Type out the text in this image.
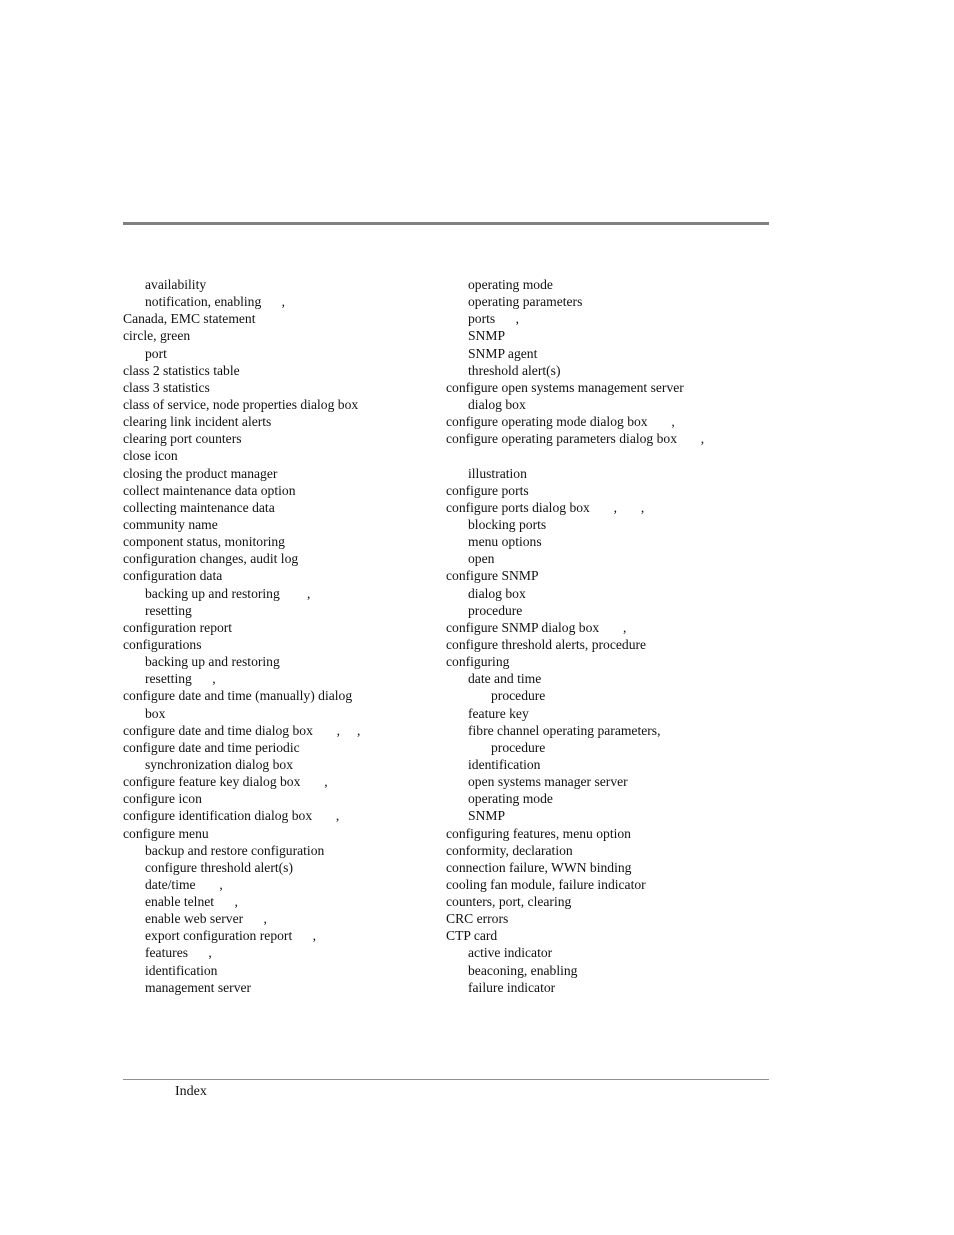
availability
notification, enabling      ,
Canada, EMC statement
circle, green
port
class 2 statistics table
class 3 statistics
class of service, node properties dialog box
clearing link incident alerts
clearing port counters
close icon
closing the product manager
collect maintenance data option
collecting maintenance data
community name
component status, monitoring
configuration changes, audit log
configuration data
backing up and restoring        ,
resetting
configuration report
configurations
backing up and restoring
resetting      ,
configure date and time (manually) dialog
box
configure date and time dialog box       ,     ,
configure date and time periodic
synchronization dialog box
configure feature key dialog box       ,
configure icon
configure identification dialog box       ,
configure menu
backup and restore configuration
configure threshold alert(s)
date/time       ,
enable telnet      ,
enable web server      ,
export configuration report      ,
features      ,
identification
management server
operating mode
operating parameters
ports      ,
SNMP
SNMP agent
threshold alert(s)
configure open systems management server
dialog box
configure operating mode dialog box       ,
configure operating parameters dialog box       ,
illustration
configure ports
configure ports dialog box       ,       ,
blocking ports
menu options
open
configure SNMP
dialog box
procedure
configure SNMP dialog box       ,
configure threshold alerts, procedure
configuring
date and time
procedure
feature key
fibre channel operating parameters,
procedure
identification
open systems manager server
operating mode
SNMP
configuring features, menu option
conformity, declaration
connection failure, WWN binding
cooling fan module, failure indicator
counters, port, clearing
CRC errors
CTP card
active indicator
beaconing, enabling
failure indicator
Index
